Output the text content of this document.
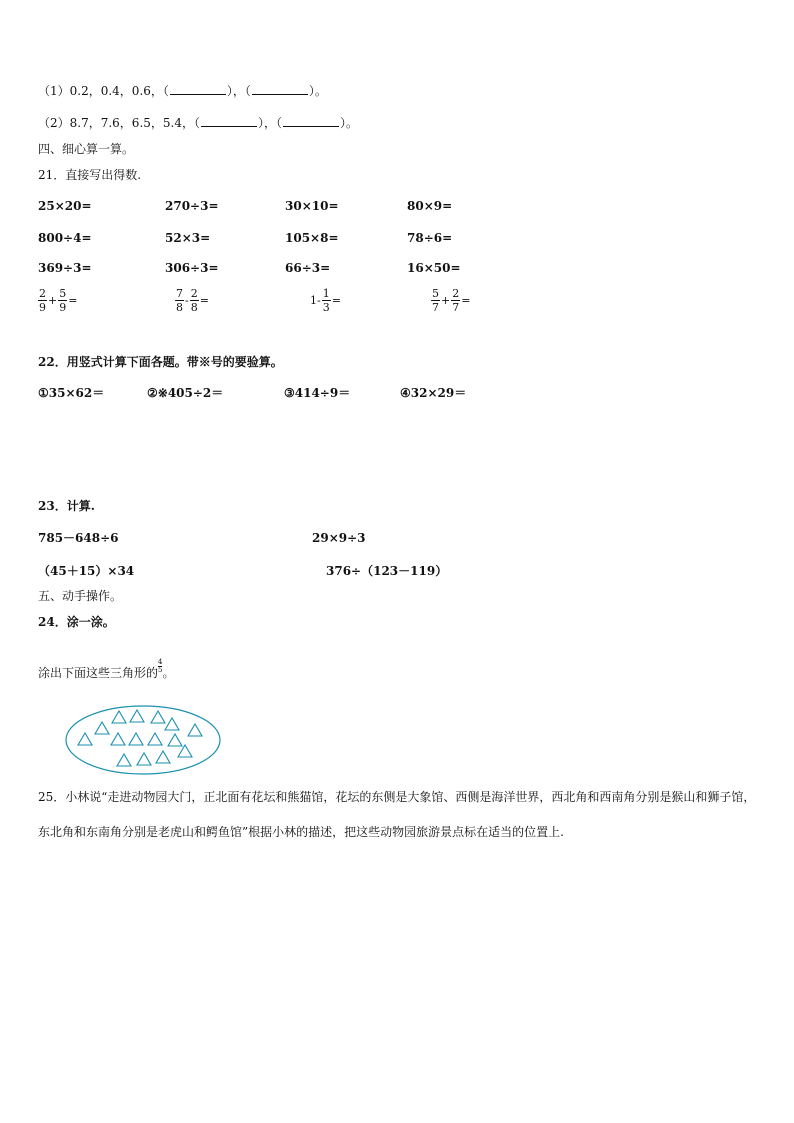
（1）0.2，0.4，0.6，（	），（	）。
（2）8.7，7.6，6.5，5.4，（	），（	）。
四、细心算一算。
21．直接写出得数.
25×20=	270÷3=	30×10=	80×9=
800÷4=	52×3=	105×8=	78÷6=
369÷3=	306÷3=	66÷3=	16×50=
$\frac{2}{9} + \frac{5}{9}$ =	$\frac{7}{8} - \frac{2}{8}$ =	$1- \frac{1}{3}$ =	$\frac{5}{7} + \frac{2}{7}$ =
22．用竖式计算下面各题。带※号的要验算。
①35×62＝	②※405÷2＝	③414÷9＝	④32×29＝
23．计算.
785－648÷6	29×9÷3
（45＋15）×34	376÷（123－119）
五、动手操作。
24．涂一涂。
涂出下面这些三角形的 $\frac{4}{5}$ 。

25．小林说“走进动物园大门，正北面有花坛和熊猫馆，花坛的东侧是大象馆、西侧是海洋世界，西北角和西南角分别是猴山和狮子馆，东北角和东南角分别是老虎山和鳄鱼馆”根据小林的描述，把这些动物园旅游景点标在适当的位置上.
